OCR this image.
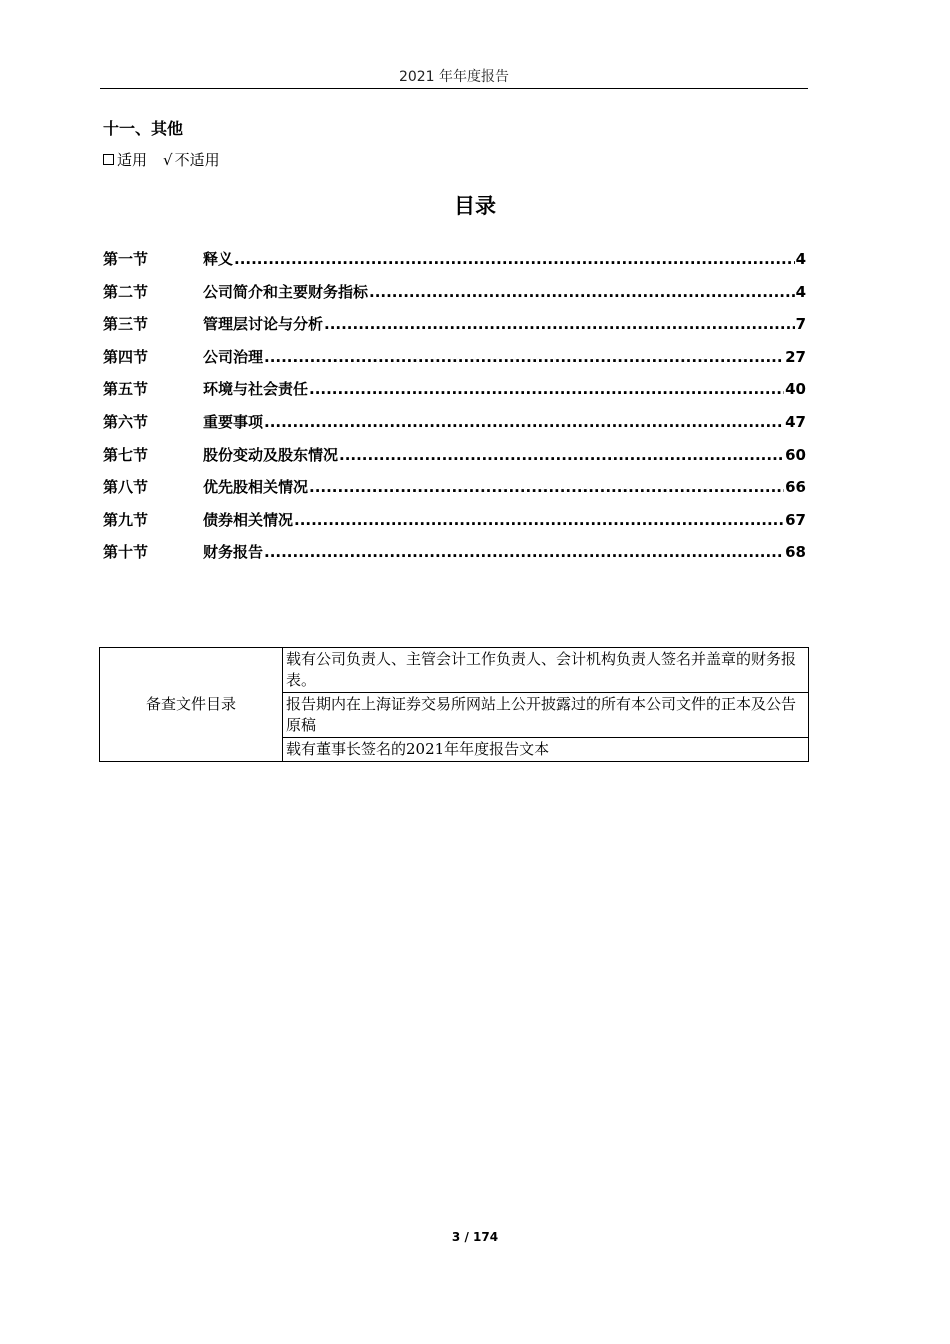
2021 年年度报告
十一、其他
适用 √ 不适用
目录
第一节	释义 .....	4
第二节	公司简介和主要财务指标 .....	4
第三节	管理层讨论与分析 .....	7
第四节	公司治理 .....	27
第五节	环境与社会责任 .....	40
第六节	重要事项 .....	47
第七节	股份变动及股东情况 .....	60
第八节	优先股相关情况 .....	66
第九节	债券相关情况 .....	67
第十节	财务报告 .....	68
备查文件目录	载有公司负责人、主管会计工作负责人、会计机构负责人签名并盖章的财务报表。
报告期内在上海证券交易所网站上公开披露过的所有本公司文件的正本及公告原稿
载有董事长签名的2021年年度报告文本
3 / 174
